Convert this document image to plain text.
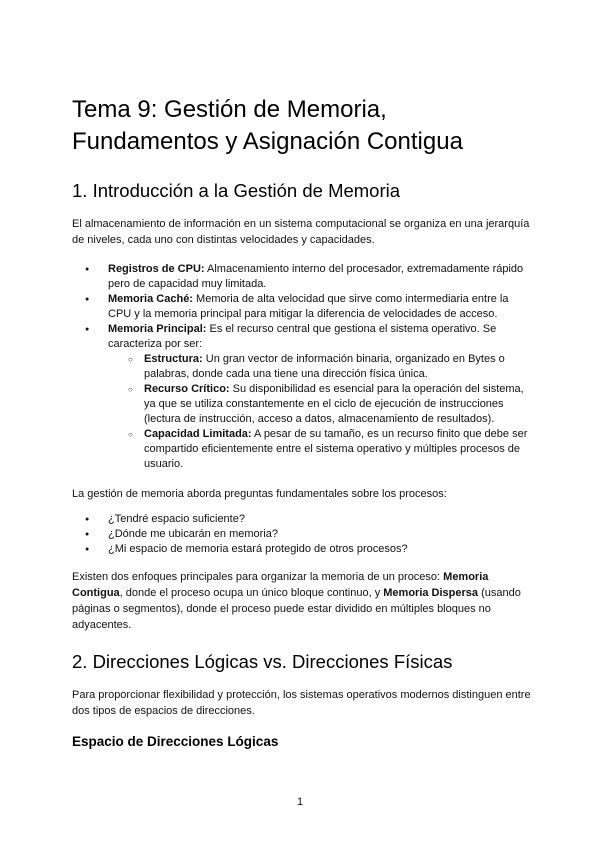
Tema 9: Gestión de Memoria,
Fundamentos y Asignación Contigua
1. Introducción a la Gestión de Memoria

El almacenamiento de información en un sistema computacional se organiza en una jerarquía de niveles, cada uno con distintas velocidades y capacidades.

● Registros de CPU: Almacenamiento interno del procesador, extremadamente rápido pero de capacidad muy limitada.
● Memoria Caché: Memoria de alta velocidad que sirve como intermediaria entre la CPU y la memoria principal para mitigar la diferencia de velocidades de acceso.
● Memoria Principal: Es el recurso central que gestiona el sistema operativo. Se caracteriza por ser:
○ Estructura: Un gran vector de información binaria, organizado en Bytes o palabras, donde cada una tiene una dirección física única.
○ Recurso Crítico: Su disponibilidad es esencial para la operación del sistema, ya que se utiliza constantemente en el ciclo de ejecución de instrucciones (lectura de instrucción, acceso a datos, almacenamiento de resultados).
○ Capacidad Limitada: A pesar de su tamaño, es un recurso finito que debe ser compartido eficientemente entre el sistema operativo y múltiples procesos de usuario.

La gestión de memoria aborda preguntas fundamentales sobre los procesos:

● ¿Tendré espacio suficiente?
● ¿Dónde me ubicarán en memoria?
● ¿Mi espacio de memoria estará protegido de otros procesos?

Existen dos enfoques principales para organizar la memoria de un proceso: Memoria Contigua, donde el proceso ocupa un único bloque continuo, y Memoria Dispersa (usando páginas o segmentos), donde el proceso puede estar dividido en múltiples bloques no adyacentes.

2. Direcciones Lógicas vs. Direcciones Físicas

Para proporcionar flexibilidad y protección, los sistemas operativos modernos distinguen entre dos tipos de espacios de direcciones.

Espacio de Direcciones Lógicas
1
